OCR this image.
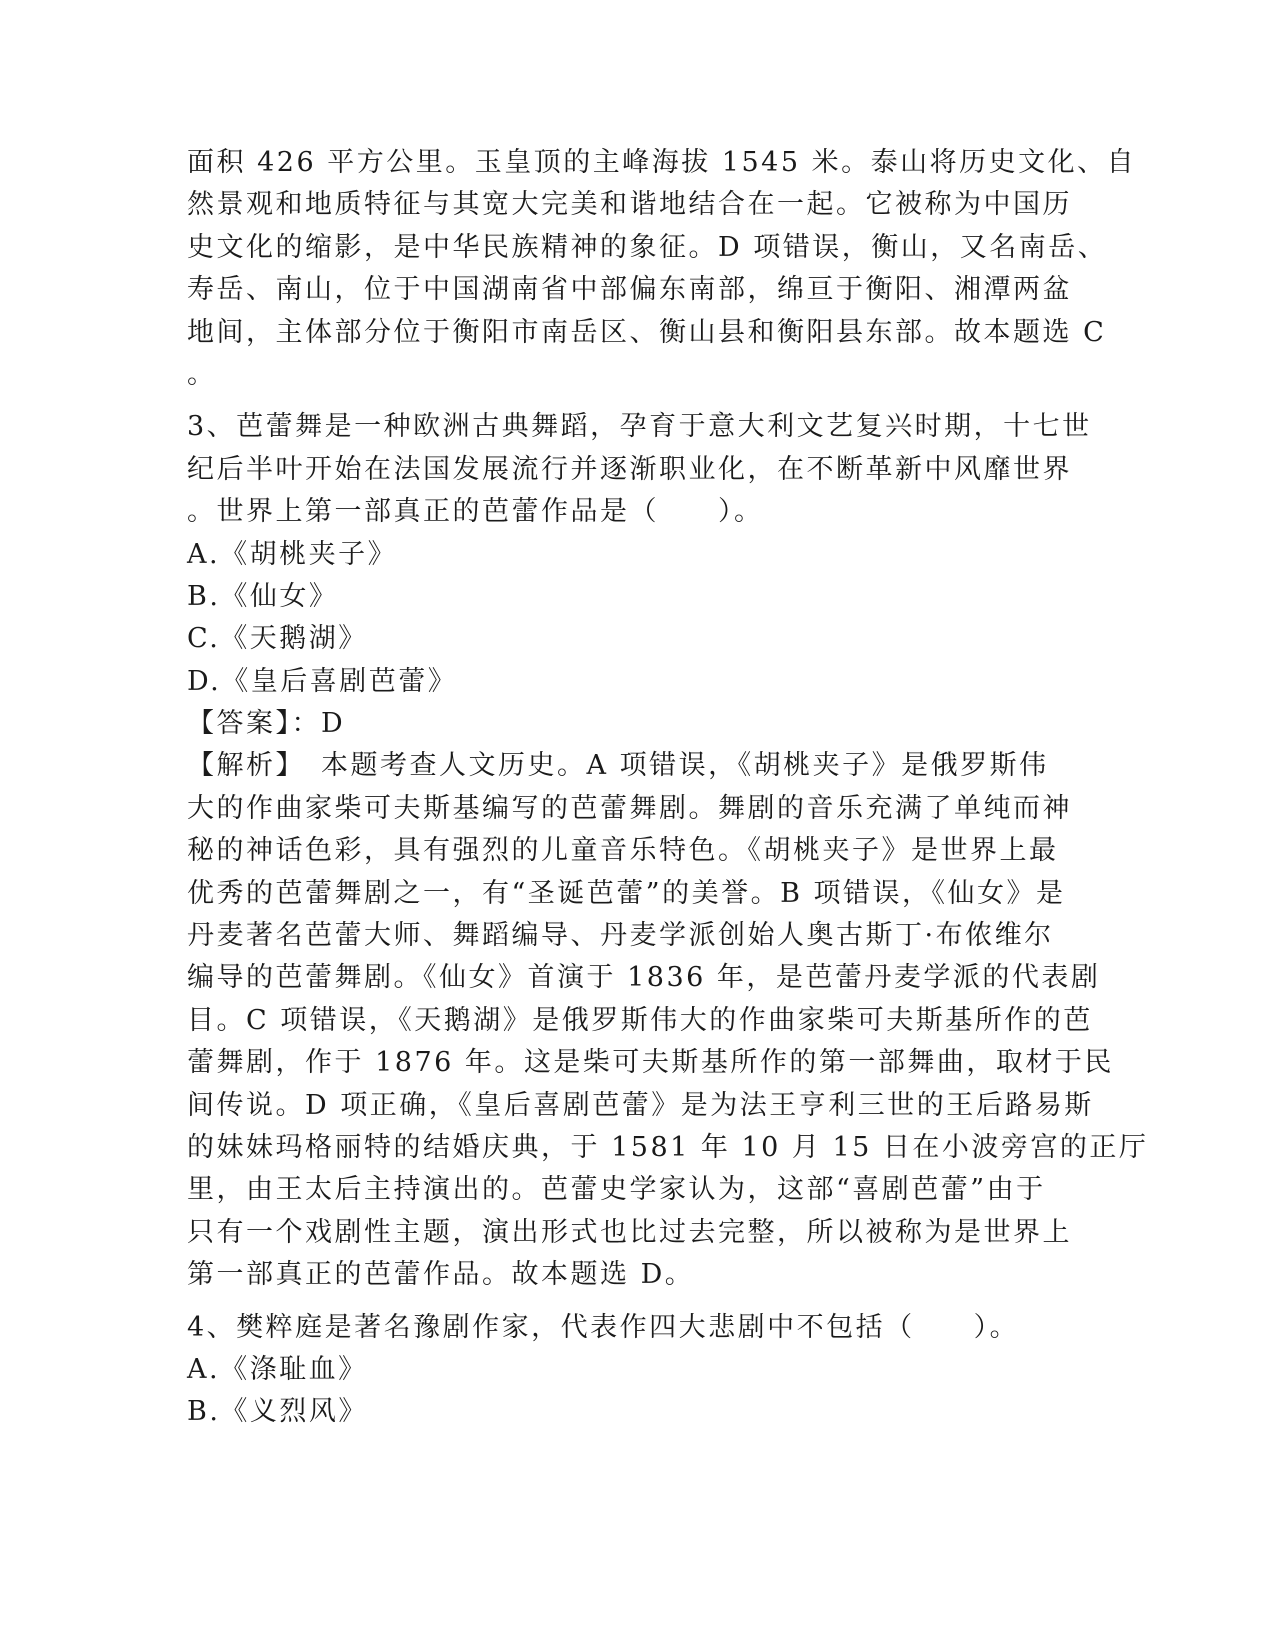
面积 426 平方公里。玉皇顶的主峰海拔 1545 米。泰山将历史文化、自
然景观和地质特征与其宽大完美和谐地结合在一起。它被称为中国历
史文化的缩影，是中华民族精神的象征。D 项错误，衡山，又名南岳、
寿岳、南山，位于中国湖南省中部偏东南部，绵亘于衡阳、湘潭两盆
地间，主体部分位于衡阳市南岳区、衡山县和衡阳县东部。故本题选 C
。
3、芭蕾舞是一种欧洲古典舞蹈，孕育于意大利文艺复兴时期，十七世
纪后半叶开始在法国发展流行并逐渐职业化，在不断革新中风靡世界
。世界上第一部真正的芭蕾作品是（　　）。
A.《胡桃夹子》
B.《仙女》
C.《天鹅湖》
D.《皇后喜剧芭蕾》
【答案】：D
【解析】　本题考查人文历史。A 项错误，《胡桃夹子》是俄罗斯伟
大的作曲家柴可夫斯基编写的芭蕾舞剧。舞剧的音乐充满了单纯而神
秘的神话色彩，具有强烈的儿童音乐特色。《胡桃夹子》是世界上最
优秀的芭蕾舞剧之一，有“圣诞芭蕾”的美誉。B 项错误，《仙女》是
丹麦著名芭蕾大师、舞蹈编导、丹麦学派创始人奥古斯丁·布侬维尔
编导的芭蕾舞剧。《仙女》首演于 1836 年，是芭蕾丹麦学派的代表剧
目。C 项错误，《天鹅湖》是俄罗斯伟大的作曲家柴可夫斯基所作的芭
蕾舞剧，作于 1876 年。这是柴可夫斯基所作的第一部舞曲，取材于民
间传说。D 项正确，《皇后喜剧芭蕾》是为法王亨利三世的王后路易斯
的妹妹玛格丽特的结婚庆典，于 1581 年 10 月 15 日在小波旁宫的正厅
里，由王太后主持演出的。芭蕾史学家认为，这部“喜剧芭蕾”由于
只有一个戏剧性主题，演出形式也比过去完整，所以被称为是世界上
第一部真正的芭蕾作品。故本题选 D。
4、樊粹庭是著名豫剧作家，代表作四大悲剧中不包括（　　）。
A.《涤耻血》
B.《义烈风》
